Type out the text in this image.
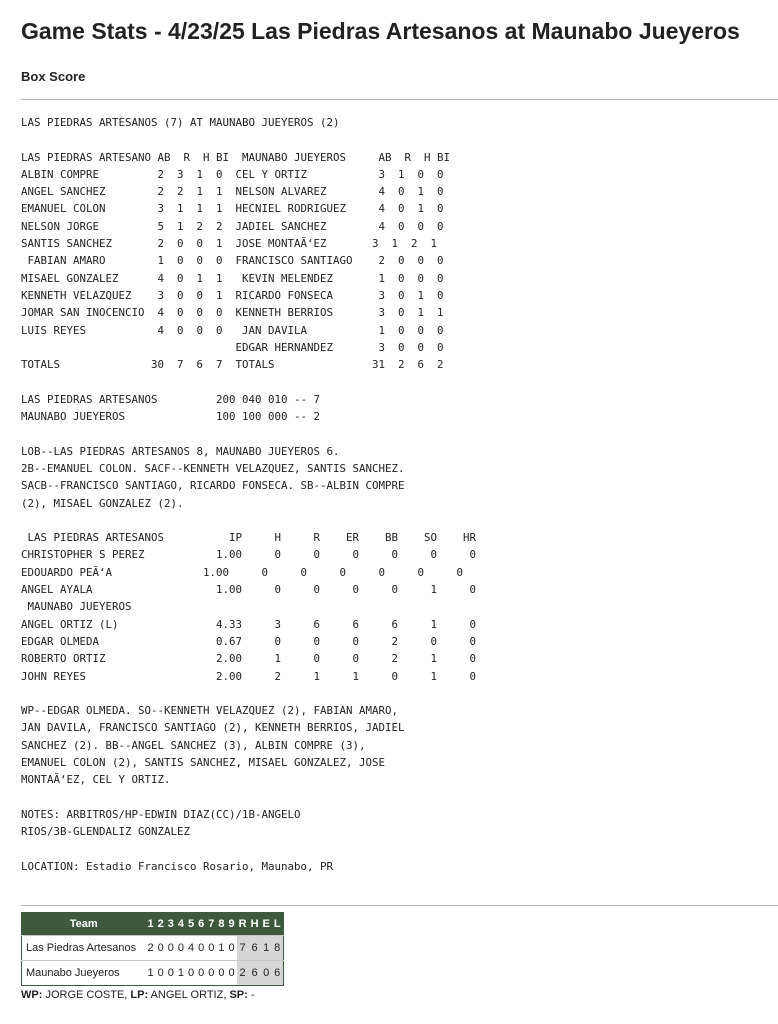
Game Stats - 4/23/25 Las Piedras Artesanos at Maunabo Jueyeros
Box Score
LAS PIEDRAS ARTESANOS (7) AT MAUNABO JUEYEROS (2)

LAS PIEDRAS ARTESANO AB  R  H BI  MAUNABO JUEYEROS     AB  R  H BI
ALBIN COMPRE         2  3  1  0  CEL Y ORTIZ           3  1  0  0
ANGEL SANCHEZ        2  2  1  1  NELSON ALVAREZ        4  0  1  0
EMANUEL COLON        3  1  1  1  HECNIEL RODRIGUEZ     4  0  1  0
NELSON JORGE         5  1  2  2  JADIEL SANCHEZ        4  0  0  0
SANTIS SANCHEZ       2  0  0  1  JOSE MONTAÃ‘EZ       3  1  2  1
FABIAN AMARO        1  0  0  0  FRANCISCO SANTIAGO    2  0  0  0
MISAEL GONZALEZ      4  0  1  1   KEVIN MELENDEZ       1  0  0  0
KENNETH VELAZQUEZ    3  0  0  1  RICARDO FONSECA       3  0  1  0
JOMAR SAN INOCENCIO  4  0  0  0  KENNETH BERRIOS       3  0  1  1
LUIS REYES           4  0  0  0   JAN DAVILA           1  0  0  0
EDGAR HERNANDEZ       3  0  0  0
TOTALS              30  7  6  7  TOTALS               31  2  6  2

LAS PIEDRAS ARTESANOS         200 040 010 -- 7
MAUNABO JUEYEROS              100 100 000 -- 2

LOB--LAS PIEDRAS ARTESANOS 8, MAUNABO JUEYEROS 6.
2B--EMANUEL COLON. SACF--KENNETH VELAZQUEZ, SANTIS SANCHEZ.
SACB--FRANCISCO SANTIAGO, RICARDO FONSECA. SB--ALBIN COMPRE
(2), MISAEL GONZALEZ (2).

LAS PIEDRAS ARTESANOS          IP     H     R    ER    BB    SO    HR
CHRISTOPHER S PEREZ           1.00     0     0     0     0     0     0
EDOUARDO PEÃ‘A              1.00     0     0     0     0     0     0
ANGEL AYALA                   1.00     0     0     0     0     1     0
MAUNABO JUEYEROS
ANGEL ORTIZ (L)               4.33     3     6     6     6     1     0
EDGAR OLMEDA                  0.67     0     0     0     2     0     0
ROBERTO ORTIZ                 2.00     1     0     0     2     1     0
JOHN REYES                    2.00     2     1     1     0     1     0

WP--EDGAR OLMEDA. SO--KENNETH VELAZQUEZ (2), FABIAN AMARO,
JAN DAVILA, FRANCISCO SANTIAGO (2), KENNETH BERRIOS, JADIEL
SANCHEZ (2). BB--ANGEL SANCHEZ (3), ALBIN COMPRE (3),
EMANUEL COLON (2), SANTIS SANCHEZ, MISAEL GONZALEZ, JOSE
MONTAÃ‘EZ, CEL Y ORTIZ.

NOTES: ARBITROS/HP-EDWIN DIAZ(CC)/1B-ANGELO
RIOS/3B-GLENDALIZ GONZALEZ

LOCATION: Estadio Francisco Rosario, Maunabo, PR
Team	1	2	3	4	5	6	7	8	9	R	H	E	L
Las Piedras Artesanos	2	0	0	0	4	0	0	1	0	7	6	1	8
Maunabo Jueyeros	1	0	0	1	0	0	0	0	0	2	6	0	6
WP: JORGE COSTE, LP: ANGEL ORTIZ, SP: -
